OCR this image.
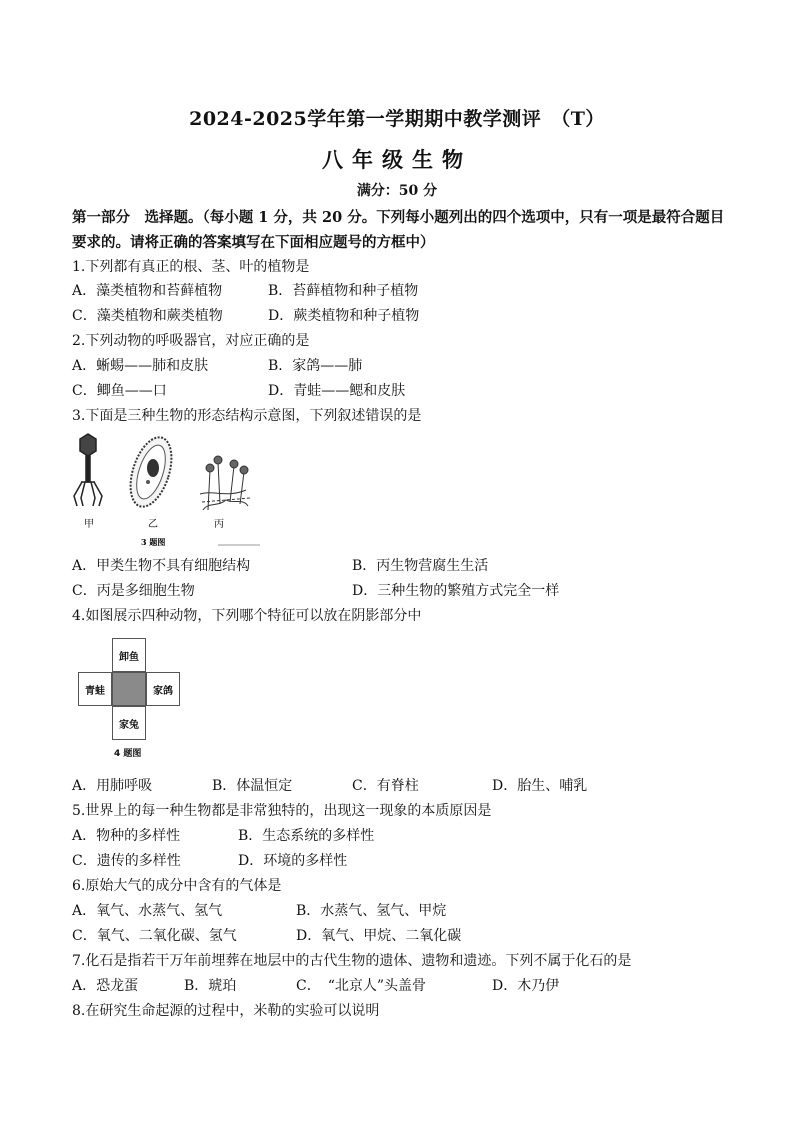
2024-2025学年第一学期期中教学测评　（T）
八年级生物
满分：50 分
第一部分　选择题。（每小题 1 分，共 20 分。下列每小题列出的四个选项中，只有一项是最符合题目要求的。请将正确的答案填写在下面相应题号的方框中）
1.下列都有真正的根、茎、叶的植物是
A．藻类植物和苔藓植物	B．苔藓植物和种子植物
C．藻类植物和蕨类植物	D．蕨类植物和种子植物
2.下列动物的呼吸器官，对应正确的是
A．蜥蜴——肺和皮肤	B．家鸽——肺
C．鲫鱼——口	D．青蛙——鳃和皮肤
3.下面是三种生物的形态结构示意图，下列叙述错误的是
甲	乙	丙
3 题图
A．甲类生物不具有细胞结构	B．丙生物营腐生生活
C．丙是多细胞生物	D．三种生物的繁殖方式完全一样
4.如图展示四种动物，下列哪个特征可以放在阴影部分中
卸鱼
青蛙	家鸽
家兔
4 题图
A．用肺呼吸	B．体温恒定	C．有脊柱	D．胎生、哺乳
5.世界上的每一种生物都是非常独特的，出现这一现象的本质原因是
A．物种的多样性	B．生态系统的多样性
C．遗传的多样性	D．环境的多样性
6.原始大气的成分中含有的气体是
A．氧气、水蒸气、氢气	B．水蒸气、氢气、甲烷
C．氧气、二氧化碳、氢气	D．氧气、甲烷、二氧化碳
7.化石是指若干万年前埋葬在地层中的古代生物的遗体、遗物和遗迹。下列不属于化石的是
A．恐龙蛋	B．琥珀	C．　“北京人”头盖骨	D．木乃伊
8.在研究生命起源的过程中，米勒的实验可以说明
